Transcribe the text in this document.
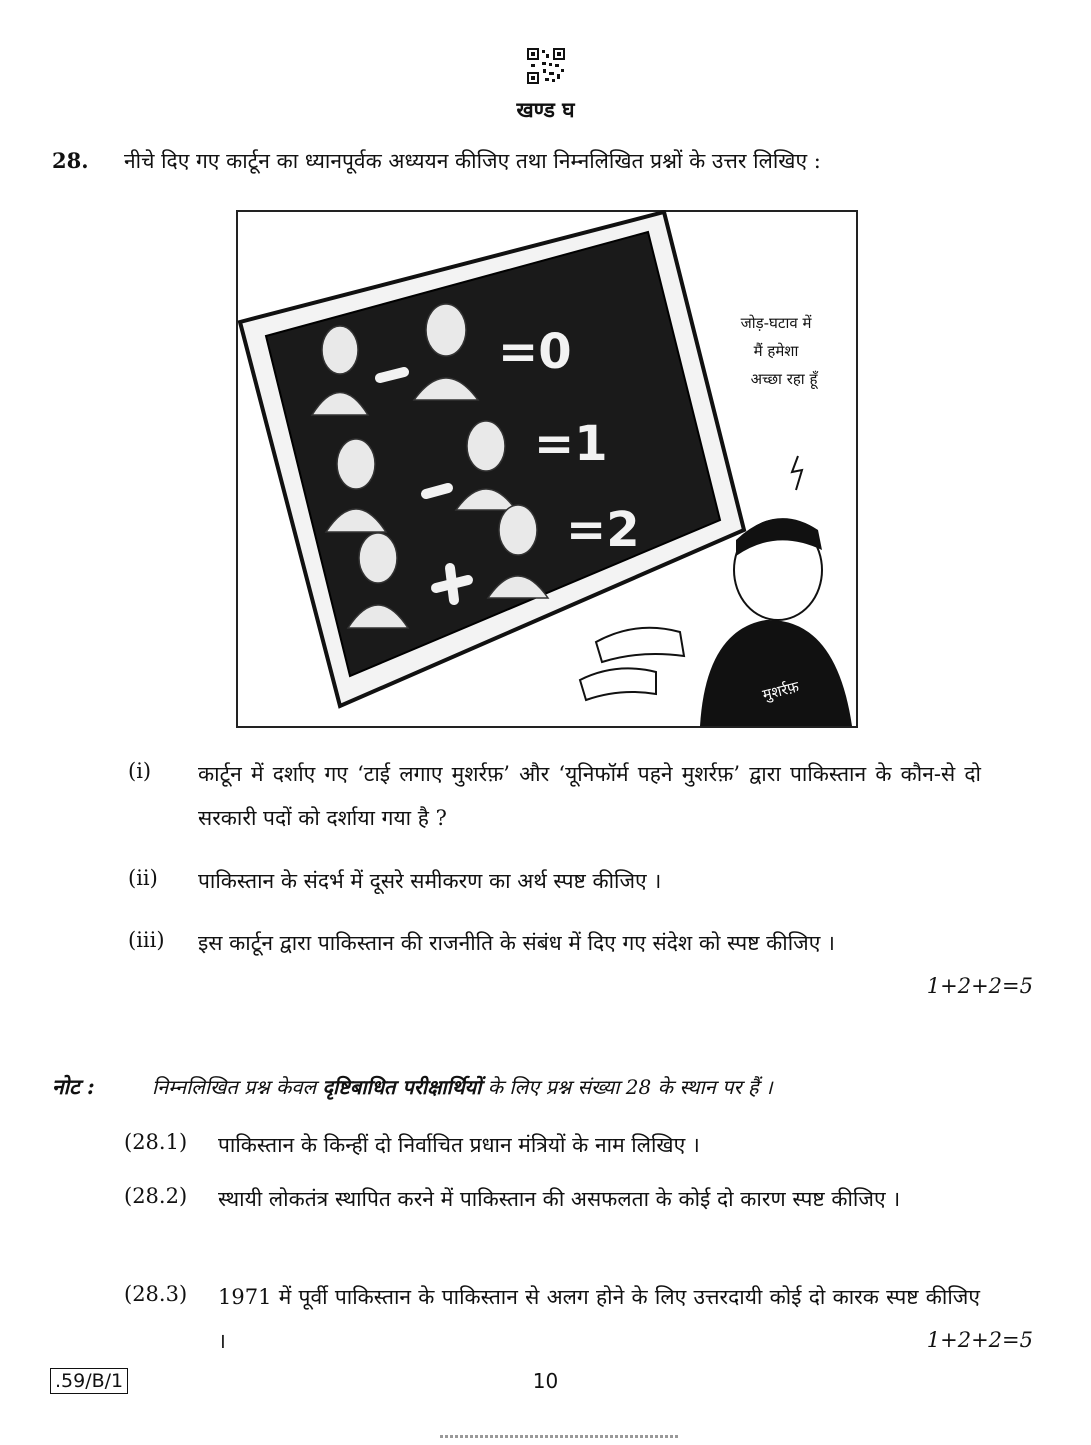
खण्ड घ
28. नीचे दिए गए कार्टून का ध्यानपूर्वक अध्ययन कीजिए तथा निम्नलिखित प्रश्नों के उत्तर लिखिए :
=0
=1
=2
जोड़-घटाव में
मैं हमेशा
अच्छा रहा हूँ
मुशर्रफ़
(i) कार्टून में दर्शाए गए ‘टाई लगाए मुशर्रफ़’ और ‘यूनिफॉर्म पहने मुशर्रफ़’ द्वारा पाकिस्तान के कौन-से दो सरकारी पदों को दर्शाया गया है ?
(ii) पाकिस्तान के संदर्भ में दूसरे समीकरण का अर्थ स्पष्ट कीजिए ।
(iii) इस कार्टून द्वारा पाकिस्तान की राजनीति के संबंध में दिए गए संदेश को स्पष्ट कीजिए ।
1+2+2=5
नोट :	निम्नलिखित प्रश्न केवल दृष्टिबाधित परीक्षार्थियों के लिए प्रश्न संख्या 28 के स्थान पर हैं ।
(28.1) पाकिस्तान के किन्हीं दो निर्वाचित प्रधान मंत्रियों के नाम लिखिए ।
(28.2) स्थायी लोकतंत्र स्थापित करने में पाकिस्तान की असफलता के कोई दो कारण स्पष्ट कीजिए ।
(28.3) 1971 में पूर्वी पाकिस्तान के पाकिस्तान से अलग होने के लिए उत्तरदायी कोई दो कारक स्पष्ट कीजिए ।	1+2+2=5
.59/B/1	10
